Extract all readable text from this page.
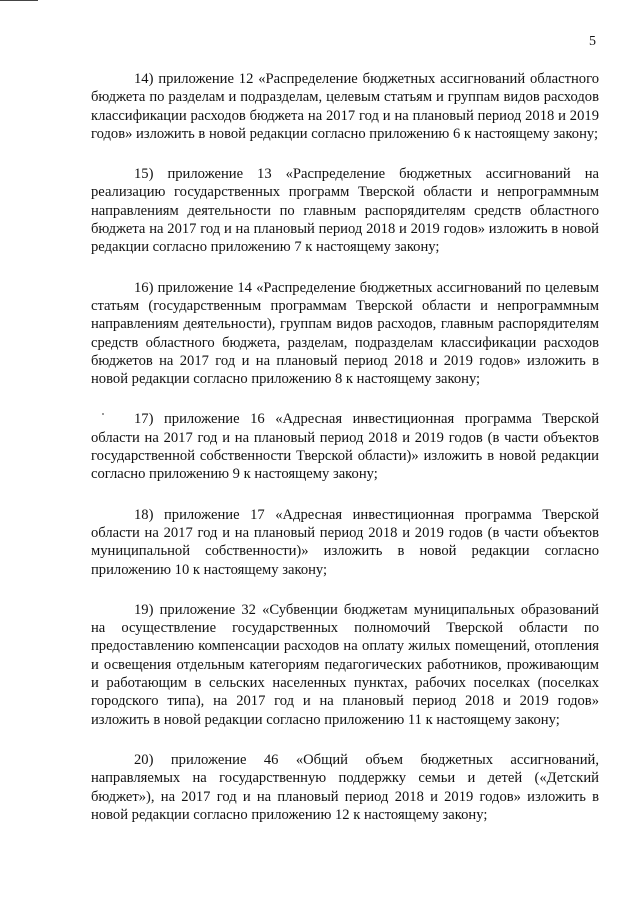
5

14) приложение 12 «Распределение бюджетных ассигнований областного бюджета по разделам и подразделам, целевым статьям и группам видов расходов классификации расходов бюджета на 2017 год и на плановый период 2018 и 2019 годов» изложить в новой редакции согласно приложению 6 к настоящему закону;

15) приложение 13 «Распределение бюджетных ассигнований на реализацию государственных программ Тверской области и непрограммным направлениям деятельности по главным распорядителям средств областного бюджета на 2017 год и на плановый период 2018 и 2019 годов» изложить в новой редакции согласно приложению 7 к настоящему закону;

16) приложение 14 «Распределение бюджетных ассигнований по целевым статьям (государственным программам Тверской области и непрограммным направлениям деятельности), группам видов расходов, главным распорядителям средств областного бюджета, разделам, подразделам классификации расходов бюджетов на 2017 год и на плановый период 2018 и 2019 годов» изложить в новой редакции согласно приложению 8 к настоящему закону;

17) приложение 16 «Адресная инвестиционная программа Тверской области на 2017 год и на плановый период 2018 и 2019 годов (в части объектов государственной собственности Тверской области)» изложить в новой редакции согласно приложению 9 к настоящему закону;

18) приложение 17 «Адресная инвестиционная программа Тверской области на 2017 год и на плановый период 2018 и 2019 годов (в части объектов муниципальной собственности)» изложить в новой редакции согласно приложению 10 к настоящему закону;

19) приложение 32 «Субвенции бюджетам муниципальных образований на осуществление государственных полномочий Тверской области по предоставлению компенсации расходов на оплату жилых помещений, отопления и освещения отдельным категориям педагогических работников, проживающим и работающим в сельских населенных пунктах, рабочих поселках (поселках городского типа), на 2017 год и на плановый период 2018 и 2019 годов» изложить в новой редакции согласно приложению 11 к настоящему закону;

20) приложение 46 «Общий объем бюджетных ассигнований, направляемых на государственную поддержку семьи и детей («Детский бюджет»), на 2017 год и на плановый период 2018 и 2019 годов» изложить в новой редакции согласно приложению 12 к настоящему закону;
